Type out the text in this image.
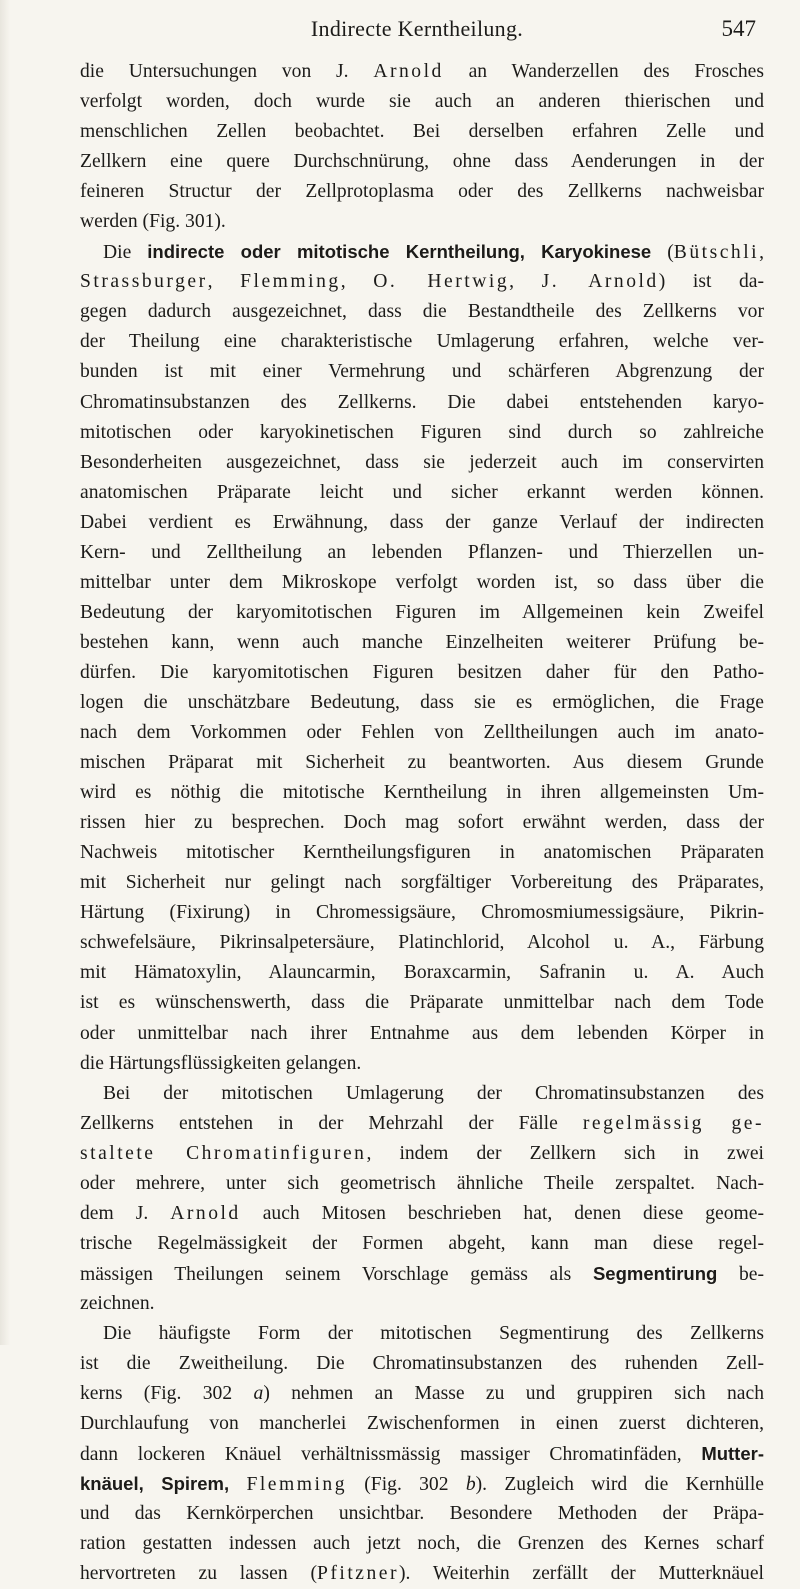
Indirecte Kerntheilung.	547
die Untersuchungen von J. Arnold an Wanderzellen des Frosches
verfolgt worden, doch wurde sie auch an anderen thierischen und
menschlichen Zellen beobachtet. Bei derselben erfahren Zelle und
Zellkern eine quere Durchschnürung, ohne dass Aenderungen in der
feineren Structur der Zellprotoplasma oder des Zellkerns nachweisbar
werden (Fig. 301).
Die indirecte oder mitotische Kerntheilung, Karyokinese (Bütschli,
Strassburger, Flemming, O. Hertwig, J. Arnold) ist da-
gegen dadurch ausgezeichnet, dass die Bestandtheile des Zellkerns vor
der Theilung eine charakteristische Umlagerung erfahren, welche ver-
bunden ist mit einer Vermehrung und schärferen Abgrenzung der
Chromatinsubstanzen des Zellkerns. Die dabei entstehenden karyo-
mitotischen oder karyokinetischen Figuren sind durch so zahlreiche
Besonderheiten ausgezeichnet, dass sie jederzeit auch im conservirten
anatomischen Präparate leicht und sicher erkannt werden können.
Dabei verdient es Erwähnung, dass der ganze Verlauf der indirecten
Kern- und Zelltheilung an lebenden Pflanzen- und Thierzellen un-
mittelbar unter dem Mikroskope verfolgt worden ist, so dass über die
Bedeutung der karyomitotischen Figuren im Allgemeinen kein Zweifel
bestehen kann, wenn auch manche Einzelheiten weiterer Prüfung be-
dürfen. Die karyomitotischen Figuren besitzen daher für den Patho-
logen die unschätzbare Bedeutung, dass sie es ermöglichen, die Frage
nach dem Vorkommen oder Fehlen von Zelltheilungen auch im anato-
mischen Präparat mit Sicherheit zu beantworten. Aus diesem Grunde
wird es nöthig die mitotische Kerntheilung in ihren allgemeinsten Um-
rissen hier zu besprechen. Doch mag sofort erwähnt werden, dass der
Nachweis mitotischer Kerntheilungsfiguren in anatomischen Präparaten
mit Sicherheit nur gelingt nach sorgfältiger Vorbereitung des Präparates,
Härtung (Fixirung) in Chromessigsäure, Chromosmiumessigsäure, Pikrin-
schwefelsäure, Pikrinsalpetersäure, Platinchlorid, Alcohol u. A., Färbung
mit Hämatoxylin, Alauncarmin, Boraxcarmin, Safranin u. A. Auch
ist es wünschenswerth, dass die Präparate unmittelbar nach dem Tode
oder unmittelbar nach ihrer Entnahme aus dem lebenden Körper in
die Härtungsflüssigkeiten gelangen.
Bei der mitotischen Umlagerung der Chromatinsubstanzen des
Zellkerns entstehen in der Mehrzahl der Fälle regelmässig ge-
staltete Chromatinfiguren, indem der Zellkern sich in zwei
oder mehrere, unter sich geometrisch ähnliche Theile zerspaltet. Nach-
dem J. Arnold auch Mitosen beschrieben hat, denen diese geome-
trische Regelmässigkeit der Formen abgeht, kann man diese regel-
mässigen Theilungen seinem Vorschlage gemäss als Segmentirung be-
zeichnen.
Die häufigste Form der mitotischen Segmentirung des Zellkerns
ist die Zweitheilung. Die Chromatinsubstanzen des ruhenden Zell-
kerns (Fig. 302 a) nehmen an Masse zu und gruppiren sich nach
Durchlaufung von mancherlei Zwischenformen in einen zuerst dichteren,
dann lockeren Knäuel verhältnissmässig massiger Chromatinfäden, Mutter-
knäuel, Spirem, Flemming (Fig. 302 b). Zugleich wird die Kernhülle
und das Kernkörperchen unsichtbar. Besondere Methoden der Präpa-
ration gestatten indessen auch jetzt noch, die Grenzen des Kernes scharf
hervortreten zu lassen (Pfitzner). Weiterhin zerfällt der Mutterknäuel
